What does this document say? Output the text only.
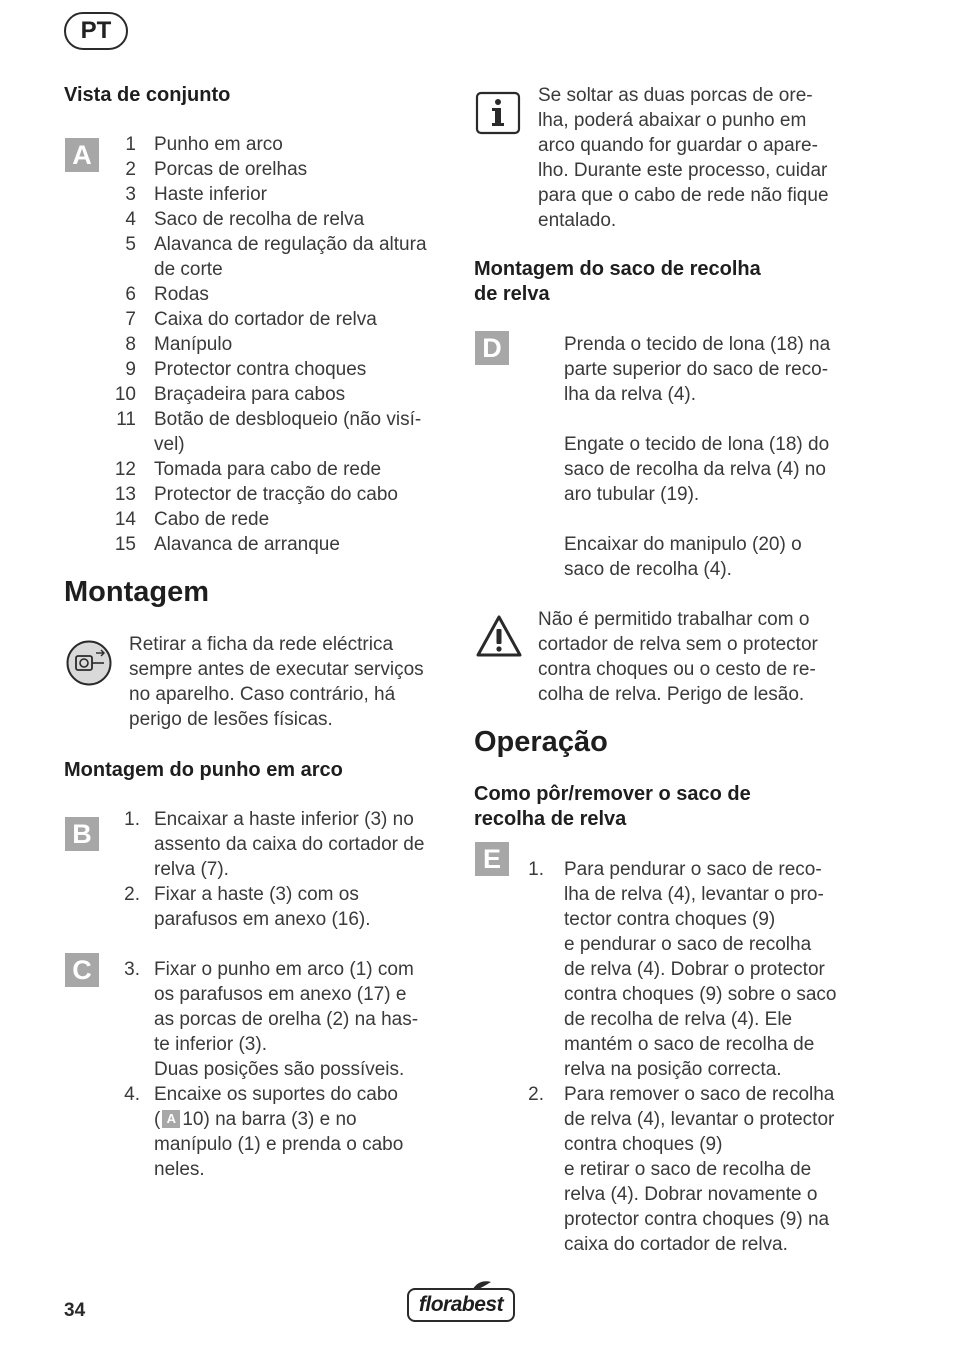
PT
Vista de conjunto
A	1 Punho em arco
2 Porcas de orelhas
3 Haste inferior
4 Saco de recolha de relva
5 Alavanca de regulação da altura
de corte
6 Rodas
7 Caixa do cortador de relva
8 Manípulo
9 Protector contra choques
10 Braçadeira para cabos
11 Botão de desbloqueio (não visí-
vel)
12 Tomada para cabo de rede
13 Protector de tracção do cabo
14 Cabo de rede
15 Alavanca de arranque
Montagem

Retirar a ficha da rede eléctrica

sempre antes de executar serviços

no aparelho. Caso contrário, há

perigo de lesões físicas.

Montagem do punho em arco
B
C
1. Encaixar a haste inferior (3) no

assento da caixa do cortador de

relva (7).

2. Fixar a haste (3) com os

parafusos em anexo (16).

3. Fixar o punho em arco (1) com

os parafusos em anexo (17) e

as porcas de orelha (2) na has-

te inferior (3).

Duas posições são possíveis.

4. Encaixe os suportes do cabo

( A 10) na barra (3) e no

manípulo (1) e prenda o cabo

neles.

Se soltar as duas porcas de ore-

lha, poderá abaixar o punho em

arco quando for guardar o apare-

lho. Durante este processo, cuidar

para que o cabo de rede não fique

entalado.

Montagem do saco de recolha
de relva
D	Prenda o tecido de lona (18) na

parte superior do saco de reco-

lha da relva (4).

Engate o tecido de lona (18) do

saco de recolha da relva (4) no

aro tubular (19).

Encaixar do manipulo (20) o

saco de recolha (4).

Não é permitido trabalhar com o

cortador de relva sem o protector

contra choques ou o cesto de re-

colha de relva. Perigo de lesão.

Operação
Como pôr/remover o saco de
recolha de relva
E	1. Para pendurar o saco de reco-

lha de relva (4), levantar o pro-

tector contra choques (9)

e pendurar o saco de recolha

de relva (4). Dobrar o protector

contra choques (9) sobre o saco

de recolha de relva (4). Ele

mantém o saco de recolha de

relva na posição correcta.

2. Para remover o saco de recolha

de relva (4), levantar o protector

contra choques (9)

e retirar o saco de recolha de

relva (4). Dobrar novamente o

protector contra choques (9) na

caixa do cortador de relva.

34	florabest
